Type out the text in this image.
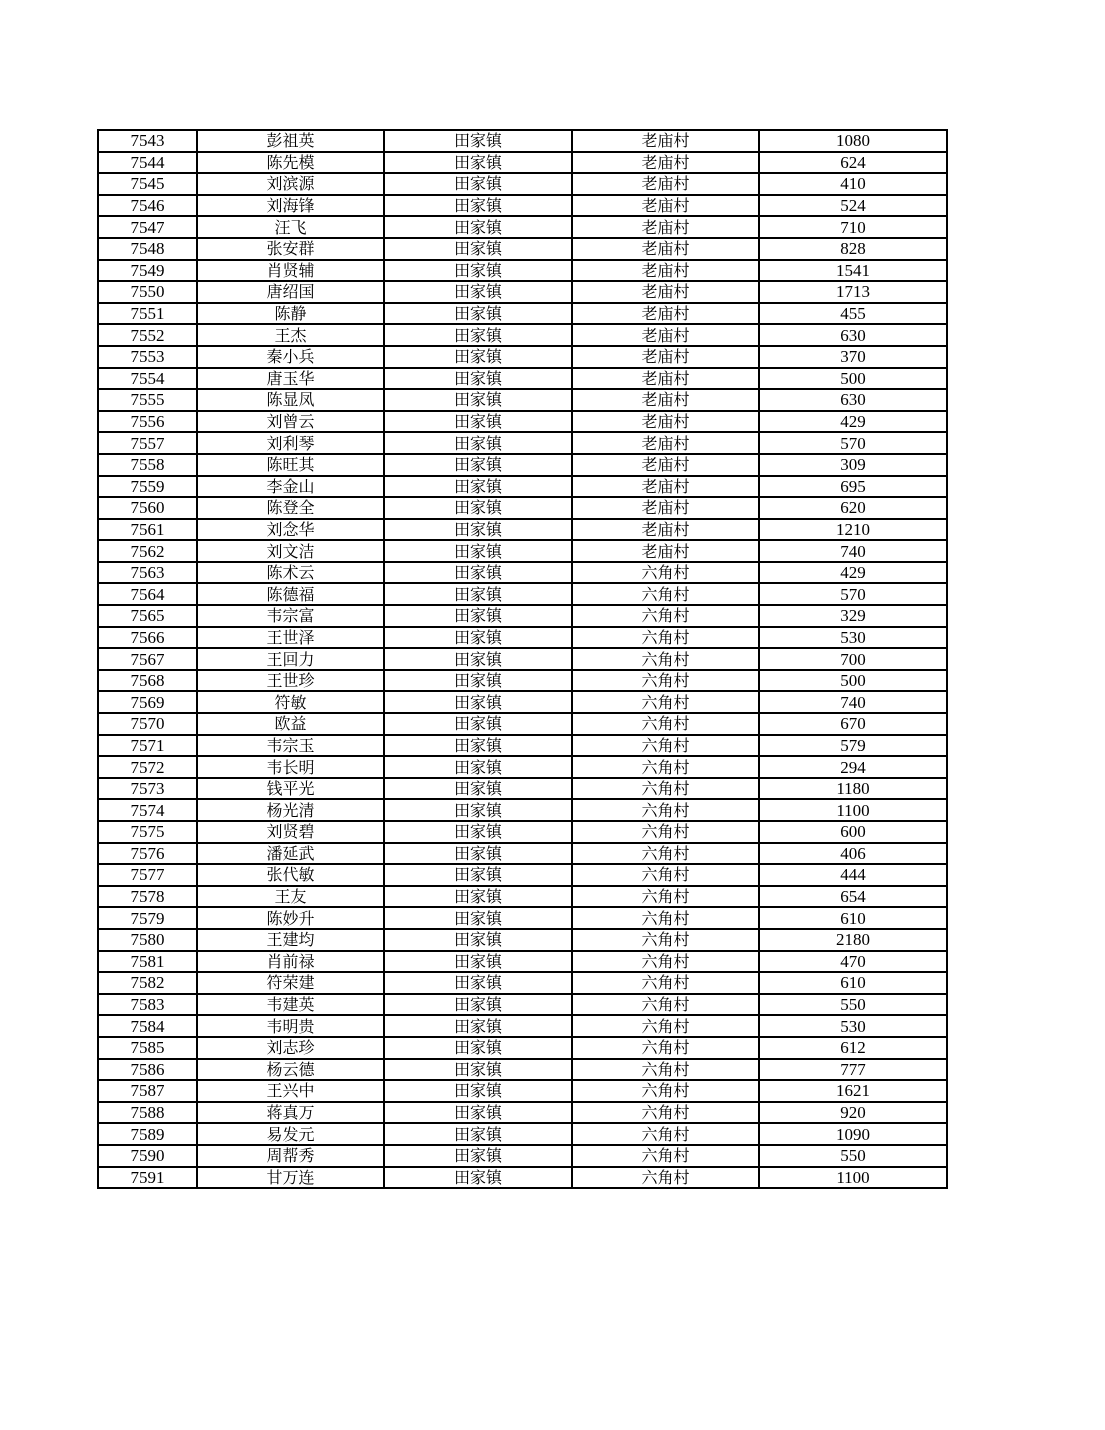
7543	彭祖英	田家镇	老庙村	1080
7544	陈先模	田家镇	老庙村	624
7545	刘滨源	田家镇	老庙村	410
7546	刘海锋	田家镇	老庙村	524
7547	汪飞	田家镇	老庙村	710
7548	张安群	田家镇	老庙村	828
7549	肖贤辅	田家镇	老庙村	1541
7550	唐绍国	田家镇	老庙村	1713
7551	陈静	田家镇	老庙村	455
7552	王杰	田家镇	老庙村	630
7553	秦小兵	田家镇	老庙村	370
7554	唐玉华	田家镇	老庙村	500
7555	陈显凤	田家镇	老庙村	630
7556	刘曾云	田家镇	老庙村	429
7557	刘利琴	田家镇	老庙村	570
7558	陈旺其	田家镇	老庙村	309
7559	李金山	田家镇	老庙村	695
7560	陈登全	田家镇	老庙村	620
7561	刘念华	田家镇	老庙村	1210
7562	刘文洁	田家镇	老庙村	740
7563	陈术云	田家镇	六角村	429
7564	陈德福	田家镇	六角村	570
7565	韦宗富	田家镇	六角村	329
7566	王世泽	田家镇	六角村	530
7567	王回力	田家镇	六角村	700
7568	王世珍	田家镇	六角村	500
7569	符敏	田家镇	六角村	740
7570	欧益	田家镇	六角村	670
7571	韦宗玉	田家镇	六角村	579
7572	韦长明	田家镇	六角村	294
7573	钱平光	田家镇	六角村	1180
7574	杨光清	田家镇	六角村	1100
7575	刘贤碧	田家镇	六角村	600
7576	潘延武	田家镇	六角村	406
7577	张代敏	田家镇	六角村	444
7578	王友	田家镇	六角村	654
7579	陈妙升	田家镇	六角村	610
7580	王建均	田家镇	六角村	2180
7581	肖前禄	田家镇	六角村	470
7582	符荣建	田家镇	六角村	610
7583	韦建英	田家镇	六角村	550
7584	韦明贵	田家镇	六角村	530
7585	刘志珍	田家镇	六角村	612
7586	杨云德	田家镇	六角村	777
7587	王兴中	田家镇	六角村	1621
7588	蒋真万	田家镇	六角村	920
7589	易发元	田家镇	六角村	1090
7590	周帮秀	田家镇	六角村	550
7591	甘万连	田家镇	六角村	1100
